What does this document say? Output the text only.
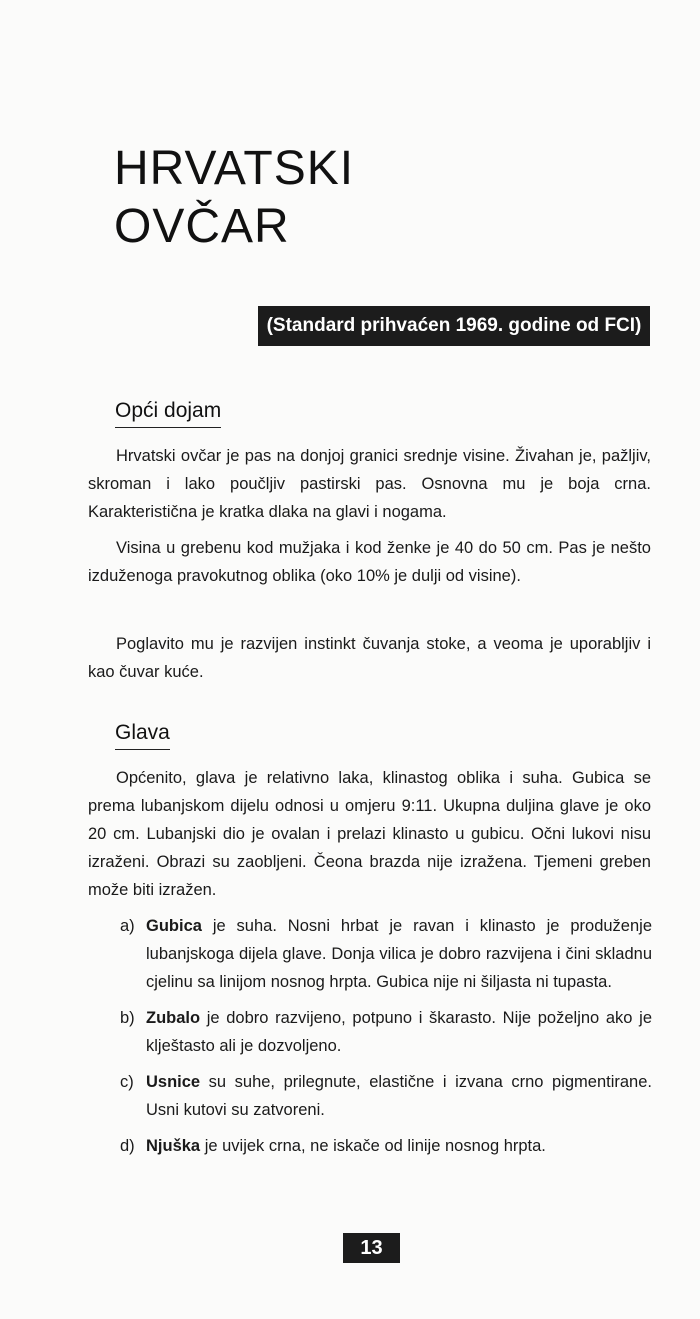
HRVATSKI
OVČAR
(Standard prihvaćen 1969. godine od FCI)
Opći dojam

Hrvatski ovčar je pas na donjoj granici srednje visine. Živahan je, pažljiv, skroman i lako poučljiv pastirski pas. Osnovna mu je boja crna. Karakteristična je kratka dlaka na glavi i nogama.

Visina u grebenu kod mužjaka i kod ženke je 40 do 50 cm. Pas je nešto izduženoga pravokutnog oblika (oko 10% je dulji od visine).

Poglavito mu je razvijen instinkt čuvanja stoke, a veoma je uporabljiv i kao čuvar kuće.

Glava

Općenito, glava je relativno laka, klinastog oblika i suha. Gubica se prema lubanjskom dijelu odnosi u omjeru 9:11. Ukupna duljina glave je oko 20 cm. Lubanjski dio je ovalan i prelazi klinasto u gubicu. Očni lukovi nisu izraženi. Obrazi su zaobljeni. Čeona brazda nije izražena. Tjemeni greben može biti izražen.

a) Gubica je suha. Nosni hrbat je ravan i klinasto je produženje lubanjskoga dijela glave. Donja vilica je dobro razvijena i čini skladnu cjelinu sa linijom nosnog hrpta. Gubica nije ni šiljasta ni tupasta.
b) Zubalo je dobro razvijeno, potpuno i škarasto. Nije poželjno ako je klještasto ali je dozvoljeno.
c) Usnice su suhe, prilegnute, elastične i izvana crno pigmentirane. Usni kutovi su zatvoreni.
d) Njuška je uvijek crna, ne iskače od linije nosnog hrpta.
13
